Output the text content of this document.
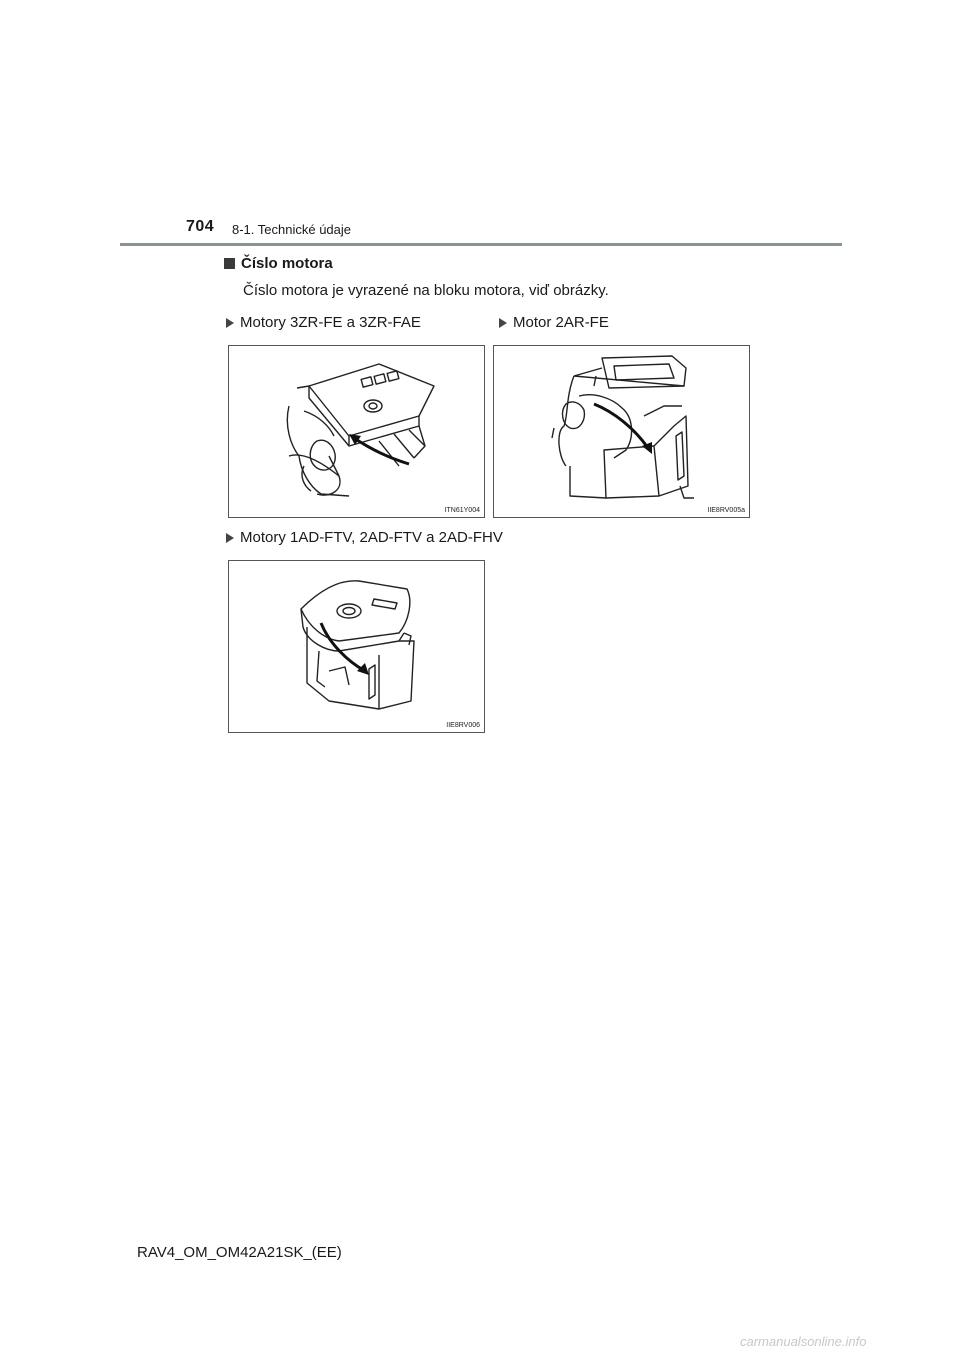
704 8-1. Technické údaje
Číslo motora
Číslo motora je vyrazené na bloku motora, viď obrázky.
Motory 3ZR-FE a 3ZR-FAE	Motor 2AR-FE
ITN61Y004	IIE8RV005a
Motory 1AD-FTV, 2AD-FTV a 2AD-FHV
IIE8RV006
RAV4_OM_OM42A21SK_(EE)
carmanualsonline.info
